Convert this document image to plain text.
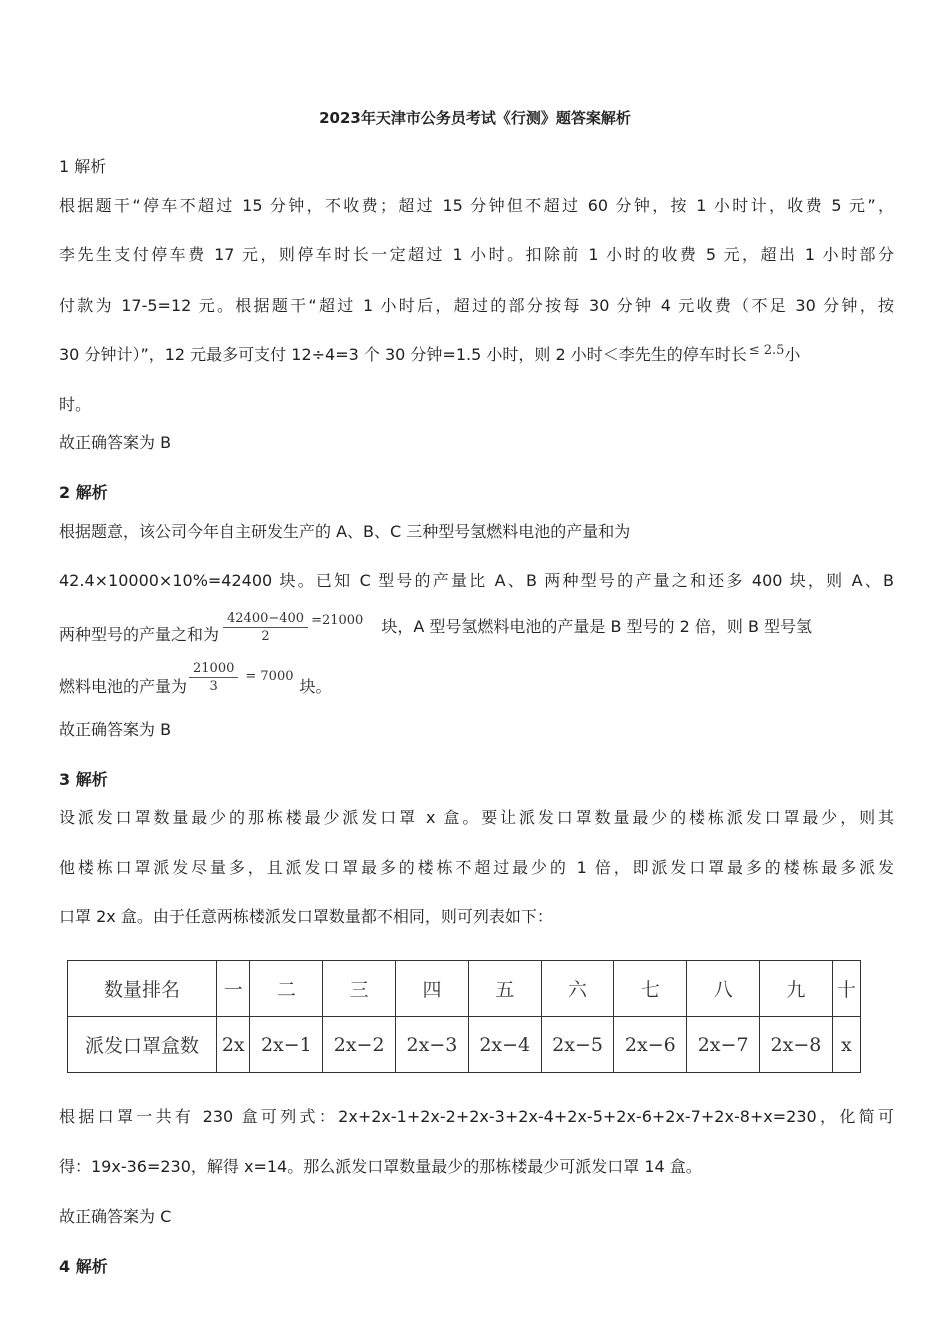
2023年天津市公务员考试《行测》题答案解析
1 解析
根据题干“停车不超过 15 分钟，不收费；超过 15 分钟但不超过 60 分钟，按 1 小时计，收费 5 元”，
李先生支付停车费 17 元，则停车时长一定超过 1 小时。扣除前 1 小时的收费 5 元，超出 1 小时部分
付款为 17-5=12 元。根据题干“超过 1 小时后，超过的部分按每 30 分钟 4 元收费（不足 30 分钟，按
30 分钟计）”，12 元最多可支付 12÷4=3 个 30 分钟=1.5 小时，则 2 小时＜李先生的停车时长 $^{\le 2.5}$小
时。
故正确答案为 B
2 解析
根据题意，该公司今年自主研发生产的 A、B、C 三种型号氢燃料电池的产量和为
42.4×10000×10%=42400 块。已知 C 型号的产量比 A、B 两种型号的产量之和还多 400 块，则 A、B
两种型号的产量之和为 $\frac{42400-400}{2} =21000$ 块，A 型号氢燃料电池的产量是 B 型号的 2 倍，则 B 型号氢
燃料电池的产量为 $\frac{21000}{3} = 7000$
块。
故正确答案为 B
3 解析
设派发口罩数量最少的那栋楼最少派发口罩 x 盒。要让派发口罩数量最少的楼栋派发口罩最少，则其
他楼栋口罩派发尽量多，且派发口罩最多的楼栋不超过最少的 1 倍，即派发口罩最多的楼栋最多派发
口罩 2x 盒。由于任意两栋楼派发口罩数量都不相同，则可列表如下：
数量排名	一	二	三	四	五	六	七	八	九	十
派发口罩盒数	2x	2x−1	2x−2	2x−3	2x−4	2x−5	2x−6	2x−7	2x−8	x
根据口罩一共有 230 盒可列式：2x+2x-1+2x-2+2x-3+2x-4+2x-5+2x-6+2x-7+2x-8+x=230，化简可
得：19x-36=230，解得 x=14。那么派发口罩数量最少的那栋楼最少可派发口罩 14 盒。
故正确答案为 C
4 解析
